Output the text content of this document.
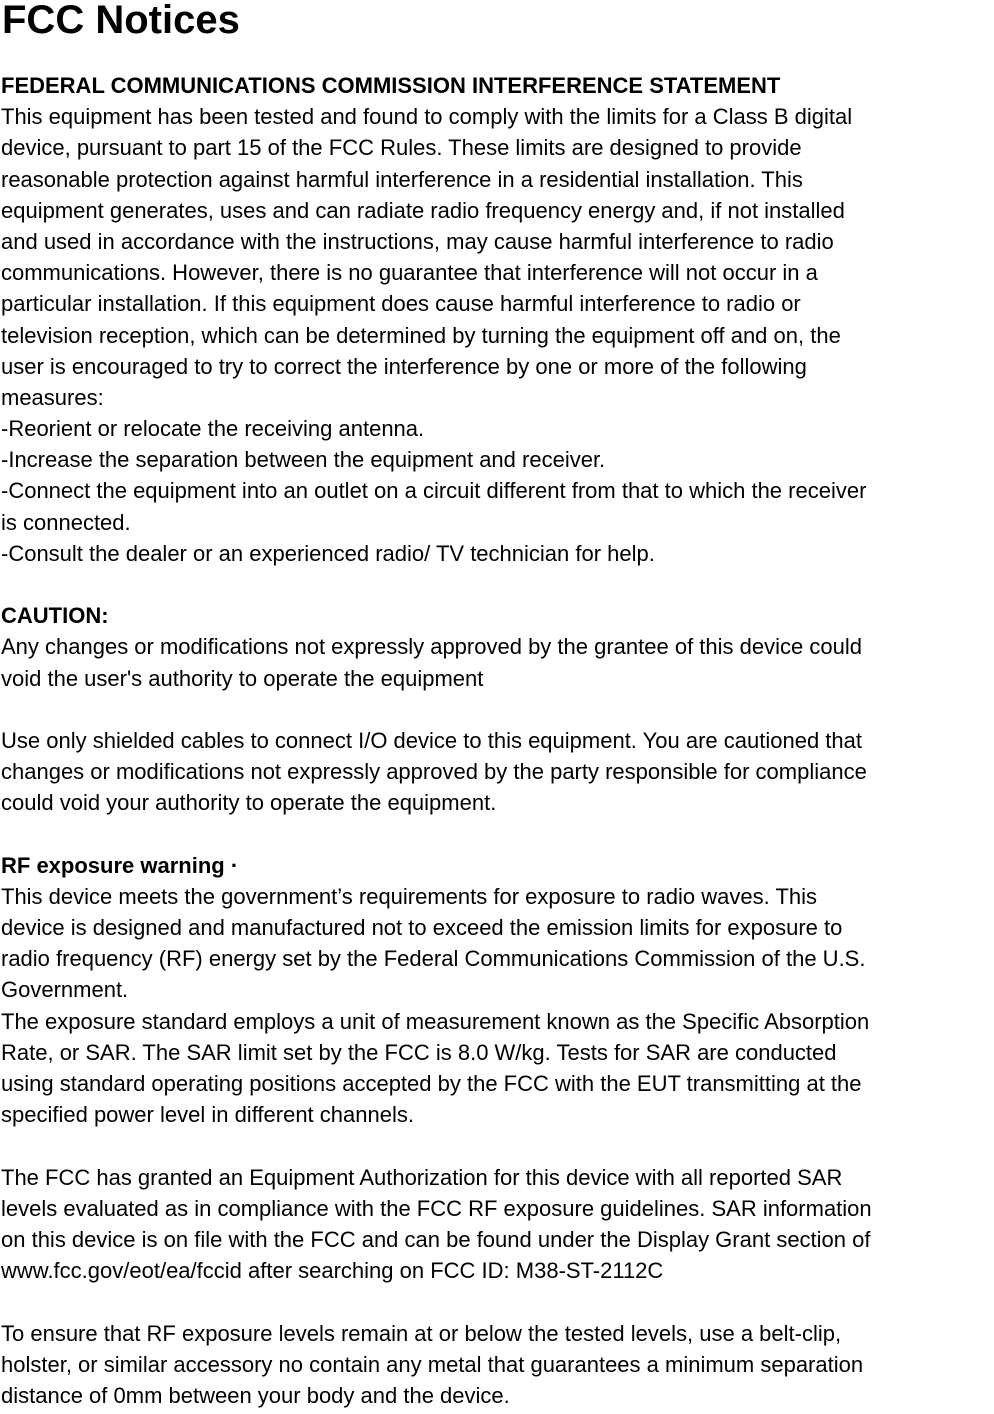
FCC Notices
FEDERAL COMMUNICATIONS COMMISSION INTERFERENCE STATEMENT
This equipment has been tested and found to comply with the limits for a Class B digital
device, pursuant to part 15 of the FCC Rules. These limits are designed to provide
reasonable protection against harmful interference in a residential installation. This
equipment generates, uses and can radiate radio frequency energy and, if not installed
and used in accordance with the instructions, may cause harmful interference to radio
communications. However, there is no guarantee that interference will not occur in a
particular installation. If this equipment does cause harmful interference to radio or
television reception, which can be determined by turning the equipment off and on, the
user is encouraged to try to correct the interference by one or more of the following
measures:
-Reorient or relocate the receiving antenna.
-Increase the separation between the equipment and receiver.
-Connect the equipment into an outlet on a circuit different from that to which the receiver
is connected.
-Consult the dealer or an experienced radio/ TV technician for help.
CAUTION:
Any changes or modifications not expressly approved by the grantee of this device could
void the user's authority to operate the equipment
Use only shielded cables to connect I/O device to this equipment. You are cautioned that
changes or modifications not expressly approved by the party responsible for compliance
could void your authority to operate the equipment.
RF exposure warning ·
This device meets the government’s requirements for exposure to radio waves. This
device is designed and manufactured not to exceed the emission limits for exposure to
radio frequency (RF) energy set by the Federal Communications Commission of the U.S.
Government.
The exposure standard employs a unit of measurement known as the Specific Absorption
Rate, or SAR. The SAR limit set by the FCC is 8.0 W/kg. Tests for SAR are conducted
using standard operating positions accepted by the FCC with the EUT transmitting at the
specified power level in different channels.
The FCC has granted an Equipment Authorization for this device with all reported SAR
levels evaluated as in compliance with the FCC RF exposure guidelines. SAR information
on this device is on file with the FCC and can be found under the Display Grant section of
www.fcc.gov/eot/ea/fccid after searching on FCC ID: M38-ST-2112C
To ensure that RF exposure levels remain at or below the tested levels, use a belt-clip,
holster, or similar accessory no contain any metal that guarantees a minimum separation
distance of 0mm between your body and the device.
